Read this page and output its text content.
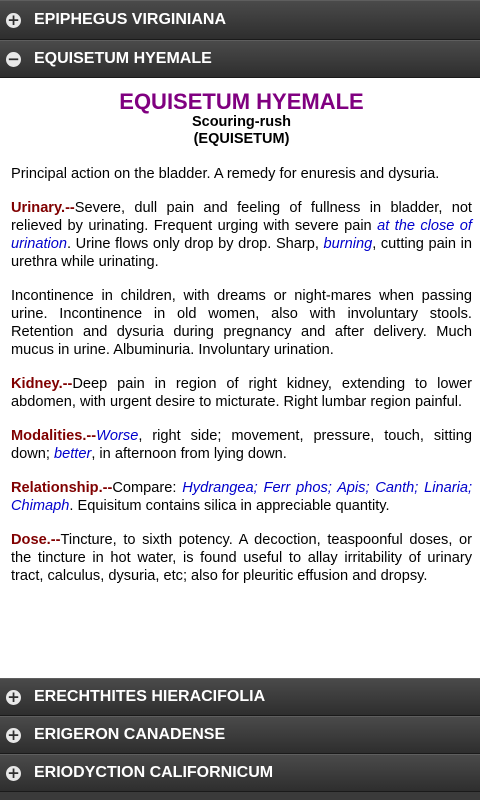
+ EPIPHEGUS VIRGINIANA
− EQUISETUM HYEMALE
EQUISETUM HYEMALE
Scouring-rush
(EQUISETUM)

Principal action on the bladder. A remedy for enuresis and dysuria.

Urinary.--Severe, dull pain and feeling of fullness in bladder, not relieved by urinating. Frequent urging with severe pain at the close of urination. Urine flows only drop by drop. Sharp, burning, cutting pain in urethra while urinating.

Incontinence in children, with dreams or night-mares when passing urine. Incontinence in old women, also with involuntary stools. Retention and dysuria during pregnancy and after delivery. Much mucus in urine. Albuminuria. Involuntary urination.

Kidney.--Deep pain in region of right kidney, extending to lower abdomen, with urgent desire to micturate. Right lumbar region painful.

Modalities.--Worse, right side; movement, pressure, touch, sitting down; better, in afternoon from lying down.

Relationship.--Compare: Hydrangea; Ferr phos; Apis; Canth; Linaria; Chimaph. Equisitum contains silica in appreciable quantity.

Dose.--Tincture, to sixth potency. A decoction, teaspoonful doses, or the tincture in hot water, is found useful to allay irritability of urinary tract, calculus, dysuria, etc; also for pleuritic effusion and dropsy.

+ ERECHTHITES HIERACIFOLIA
+ ERIGERON CANADENSE
+ ERIODYCTION CALIFORNICUM
